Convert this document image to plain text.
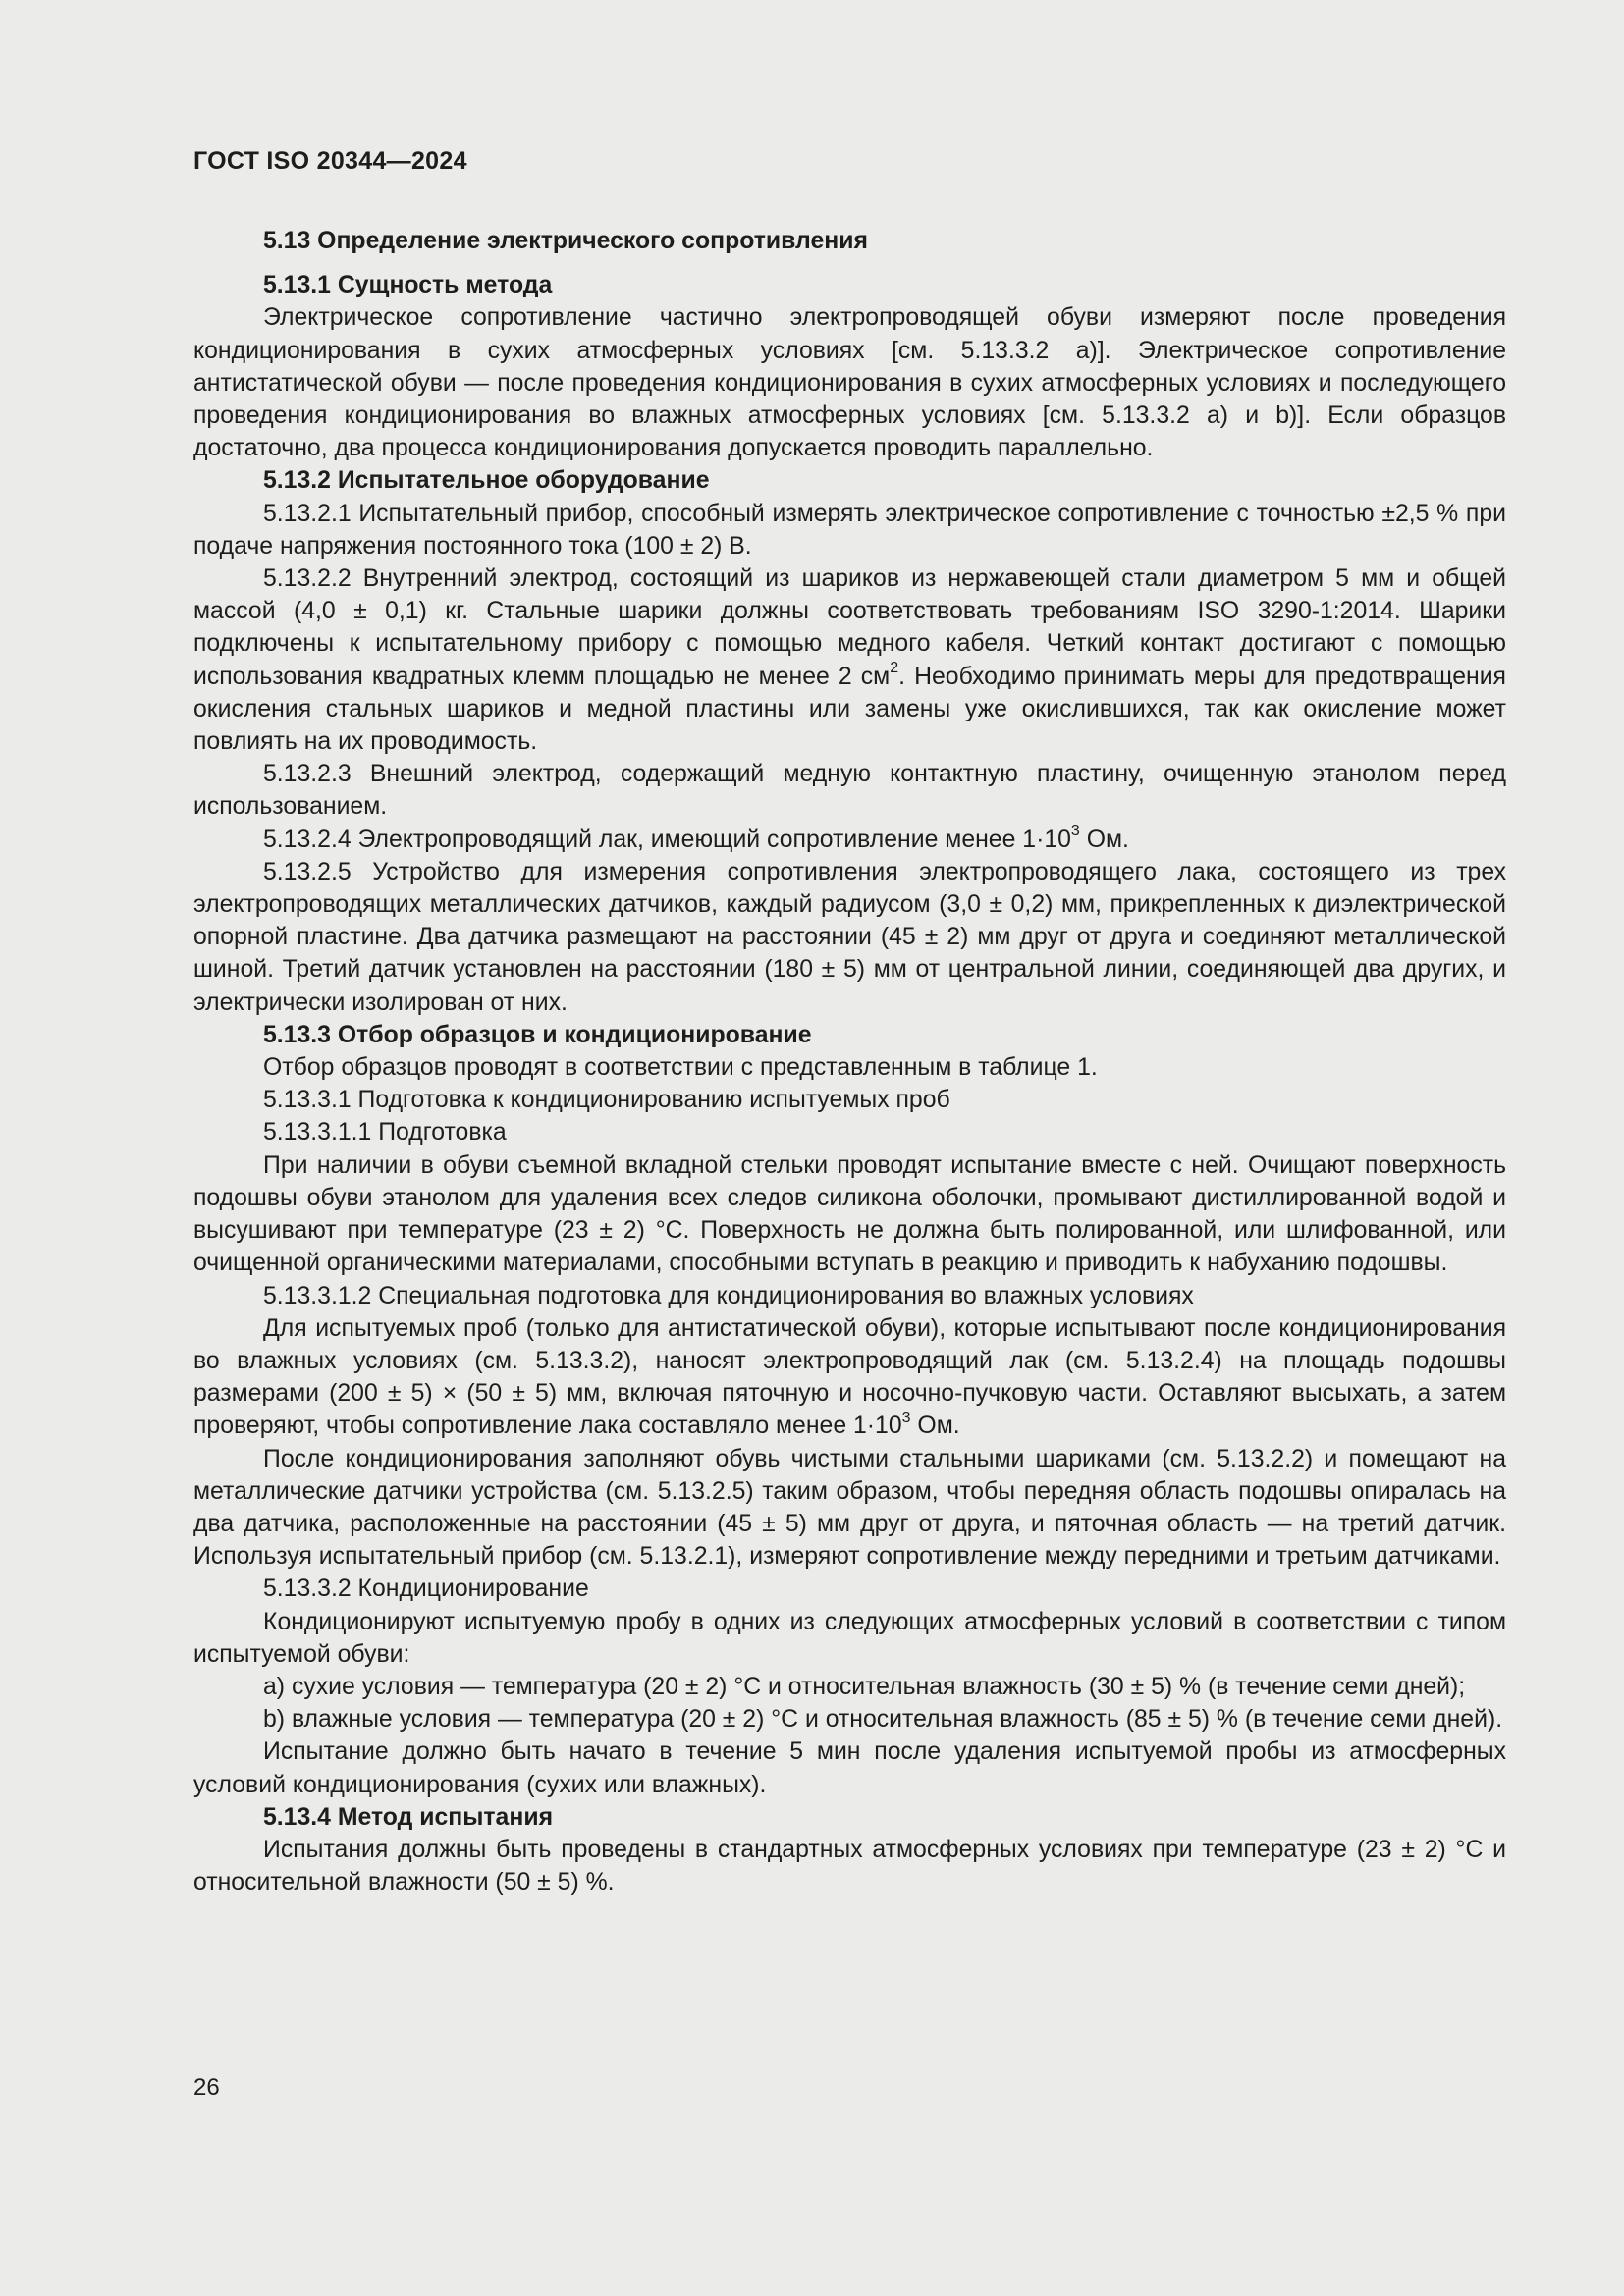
ГОСТ ISO 20344—2024

5.13 Определение электрического сопротивления

5.13.1 Сущность метода

Электрическое сопротивление частично электропроводящей обуви измеряют после проведения кондиционирования в сухих атмосферных условиях [см. 5.13.3.2 a)]. Электрическое сопротивление антистатической обуви — после проведения кондиционирования в сухих атмосферных условиях и последующего проведения кондиционирования во влажных атмосферных условиях [см. 5.13.3.2 a) и b)]. Если образцов достаточно, два процесса кондиционирования допускается проводить параллельно.

5.13.2 Испытательное оборудование

5.13.2.1 Испытательный прибор, способный измерять электрическое сопротивление с точностью ±2,5 % при подаче напряжения постоянного тока (100 ± 2) В.

5.13.2.2 Внутренний электрод, состоящий из шариков из нержавеющей стали диаметром 5 мм и общей массой (4,0 ± 0,1) кг. Стальные шарики должны соответствовать требованиям ISO 3290-1:2014. Шарики подключены к испытательному прибору с помощью медного кабеля. Четкий контакт достигают с помощью использования квадратных клемм площадью не менее 2 $см^2$. Необходимо принимать меры для предотвращения окисления стальных шариков и медной пластины или замены уже окислившихся, так как окисление может повлиять на их проводимость.

5.13.2.3 Внешний электрод, содержащий медную контактную пластину, очищенную этанолом перед использованием.

5.13.2.4 Электропроводящий лак, имеющий сопротивление менее $1\cdot 10^3$ Ом.

5.13.2.5 Устройство для измерения сопротивления электропроводящего лака, состоящего из трех электропроводящих металлических датчиков, каждый радиусом (3,0 ± 0,2) мм, прикрепленных к диэлектрической опорной пластине. Два датчика размещают на расстоянии (45 ± 2) мм друг от друга и соединяют металлической шиной. Третий датчик установлен на расстоянии (180 ± 5) мм от центральной линии, соединяющей два других, и электрически изолирован от них.

5.13.3 Отбор образцов и кондиционирование

Отбор образцов проводят в соответствии с представленным в таблице 1.

5.13.3.1 Подготовка к кондиционированию испытуемых проб

5.13.3.1.1 Подготовка

При наличии в обуви съемной вкладной стельки проводят испытание вместе с ней. Очищают поверхность подошвы обуви этанолом для удаления всех следов силикона оболочки, промывают дистиллированной водой и высушивают при температуре (23 ± 2) °С. Поверхность не должна быть полированной, или шлифованной, или очищенной органическими материалами, способными вступать в реакцию и приводить к набуханию подошвы.

5.13.3.1.2 Специальная подготовка для кондиционирования во влажных условиях

Для испытуемых проб (только для антистатической обуви), которые испытывают после кондиционирования во влажных условиях (см. 5.13.3.2), наносят электропроводящий лак (см. 5.13.2.4) на площадь подошвы размерами (200 ± 5) × (50 ± 5) мм, включая пяточную и носочно-пучковую части. Оставляют высыхать, а затем проверяют, чтобы сопротивление лака составляло менее $1\cdot 10^3$ Ом.

После кондиционирования заполняют обувь чистыми стальными шариками (см. 5.13.2.2) и помещают на металлические датчики устройства (см. 5.13.2.5) таким образом, чтобы передняя область подошвы опиралась на два датчика, расположенные на расстоянии (45 ± 5) мм друг от друга, и пяточная область — на третий датчик. Используя испытательный прибор (см. 5.13.2.1), измеряют сопротивление между передними и третьим датчиками.

5.13.3.2 Кондиционирование

Кондиционируют испытуемую пробу в одних из следующих атмосферных условий в соответствии с типом испытуемой обуви:

а) сухие условия — температура (20 ± 2) °С и относительная влажность (30 ± 5) % (в течение семи дней);

b) влажные условия — температура (20 ± 2) °С и относительная влажность (85 ± 5) % (в течение семи дней).

Испытание должно быть начато в течение 5 мин после удаления испытуемой пробы из атмосферных условий кондиционирования (сухих или влажных).

5.13.4 Метод испытания

Испытания должны быть проведены в стандартных атмосферных условиях при температуре (23 ± 2) °С и относительной влажности (50 ± 5) %.

26
